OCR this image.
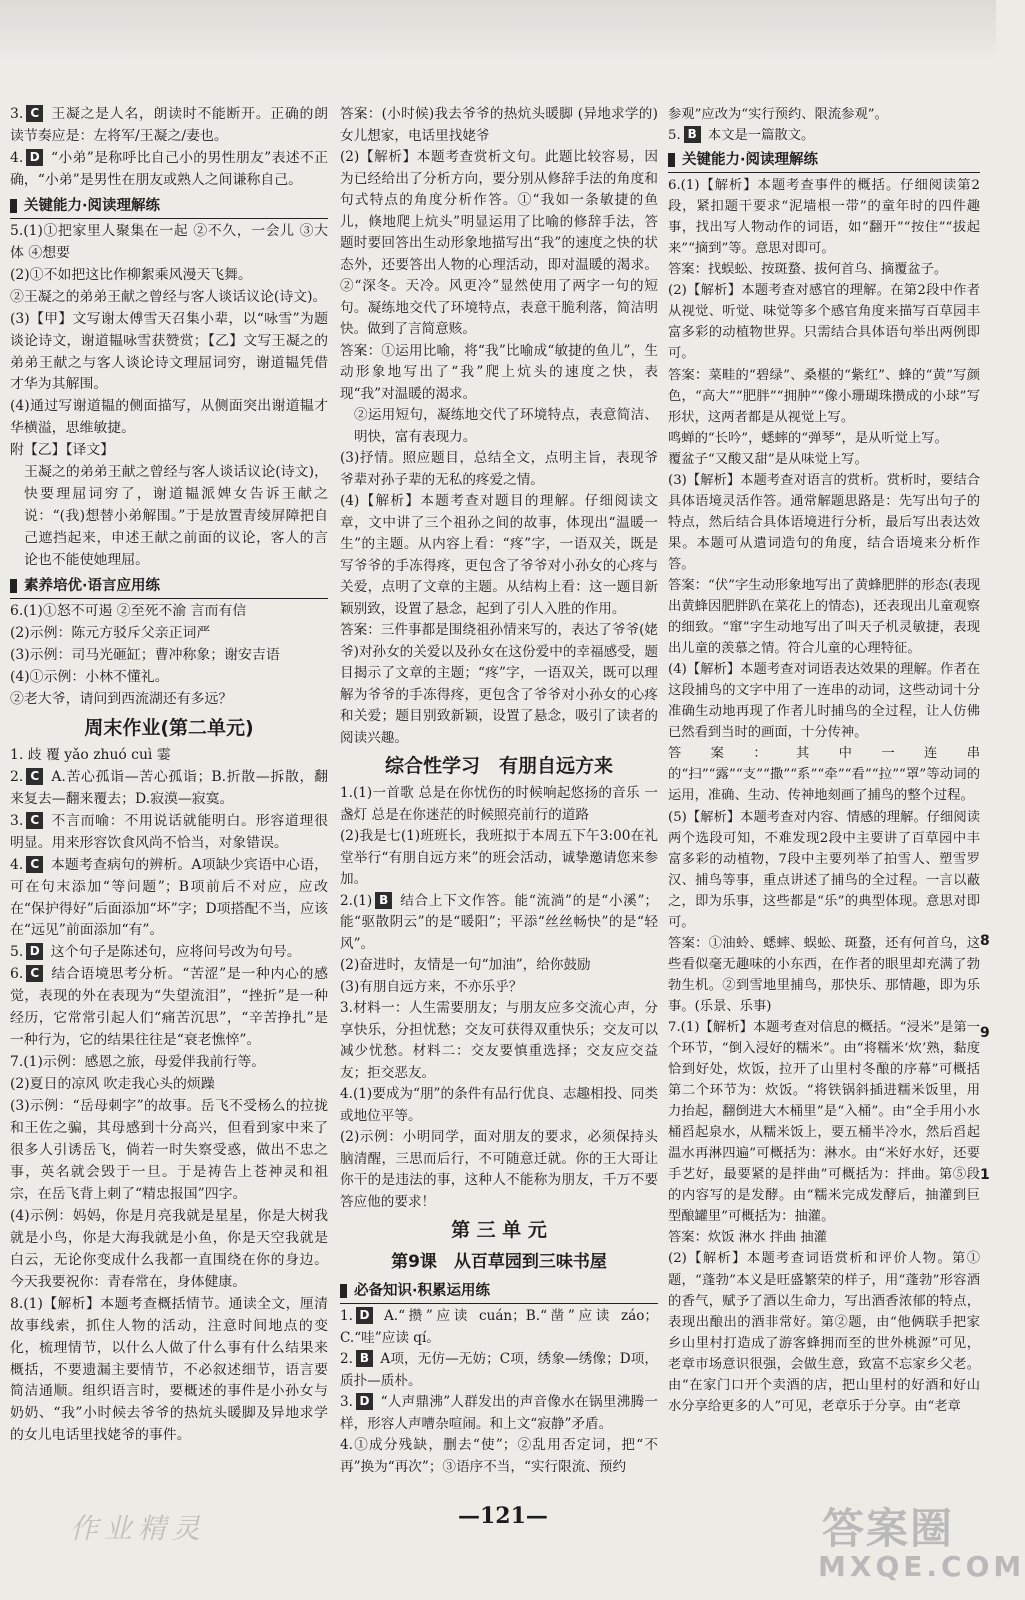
3. C 王凝之是人名，朗读时不能断开。正确的朗读节奏应是：左将军/王凝之/妻也。

4. D “小弟”是称呼比自己小的男性朋友”表述不正确，“小弟”是男性在朋友或熟人之间谦称自己。

关键能力·阅读理解练

5.(1)①把家里人聚集在一起 ②不久，一会儿 ③大体 ④想要

(2)①不如把这比作柳絮乘风漫天飞舞。

②王凝之的弟弟王献之曾经与客人谈话议论(诗文)。

(3)【甲】文写谢太傅雪天召集小辈，以“咏雪”为题谈论诗文，谢道韫咏雪获赞赏；【乙】文写王凝之的弟弟王献之与客人谈论诗文理屈词穷，谢道韫凭借才华为其解围。

(4)通过写谢道韫的侧面描写，从侧面突出谢道韫才华横溢，思维敏捷。

附【乙】【译文】

王凝之的弟弟王献之曾经与客人谈话议论(诗文)，快要理屈词穷了，谢道韫派婢女告诉王献之说：“(我)想替小弟解围。”于是放置青绫屏障把自己遮挡起来，申述王献之前面的议论，客人的言论也不能使她理屈。

素养培优·语言应用练

6.(1)①怒不可遏 ②至死不渝 言而有信

(2)示例：陈元方驳斥父亲正词严

(3)示例：司马光砸缸；曹冲称象；谢安吉语

(4)①示例：小林不懂礼。

②老大爷，请问到西流湖还有多远？

周末作业(第二单元)

1. 歧 覆 yǎo zhuó cuì 霎

2. C A.苦心孤诣—苦心孤诣；B.折散—拆散，翻来复去—翻来覆去；D.寂漠—寂寞。

3. C 不言而喻：不用说话就能明白。形容道理很明显。用来形容饮食风尚不恰当，对象错误。

4. C 本题考查病句的辨析。A项缺少宾语中心语，可在句末添加“等问题”；B项前后不对应，应改在“保护得好”后面添加“坏”字；D项搭配不当，应该在“远见”前面添加“有”。

5. D 这个句子是陈述句，应将问号改为句号。

6. C 结合语境思考分析。“苦涩”是一种内心的感觉，表现的外在表现为“失望流泪”，“挫折”是一种经历，它常常引起人们“痛苦沉思”，“辛苦挣扎”是一种行为，它的结果往往是“衰老憔悴”。

7.(1)示例：感恩之旅，母爱伴我前行等。

(2)夏日的凉风 吹走我心头的烦躁

(3)示例：“岳母刺字”的故事。岳飞不受杨么的拉拢和王佐之骗，其母感到十分高兴，但看到家中来了很多人引诱岳飞，倘若一时失察受惑，做出不忠之事，英名就会毁于一旦。于是祷告上苍神灵和祖宗，在岳飞背上刺了“精忠报国”四字。

(4)示例：妈妈，你是月亮我就是星星，你是大树我就是小鸟，你是大海我就是小鱼，你是天空我就是白云，无论你变成什么我都一直围绕在你的身边。今天我要祝你：青春常在，身体健康。

8.(1)【解析】本题考查概括情节。通读全文，厘清故事线索，抓住人物的活动，注意时间地点的变化，梳理情节，以什么人做了什么事有什么结果来概括，不要遗漏主要情节，不必叙述细节，语言要简洁通顺。组织语言时，要概述的事件是小孙女与奶奶、“我”小时候去爷爷的热炕头暖脚及异地求学的女儿电话里找姥爷的事件。

答案：(小时候)我去爷爷的热炕头暖脚 (异地求学的)女儿想家，电话里找姥爷

(2)【解析】本题考查赏析文句。此题比较容易，因为已经给出了分析方向，要分别从修辞手法的角度和句式特点的角度分析作答。①“我如一条敏捷的鱼儿，倏地爬上炕头”明显运用了比喻的修辞手法，答题时要回答出生动形象地描写出“我”的速度之快的状态外，还要答出人物的心理活动，即对温暖的渴求。②“深冬。天冷。风更冷”显然使用了两字一句的短句。凝练地交代了环境特点，表意干脆利落，简洁明快。做到了言简意赅。

答案：①运用比喻，将“我”比喻成“敏捷的鱼儿”，生动形象地写出了“我”爬上炕头的速度之快，表现“我”对温暖的渴求。

②运用短句，凝练地交代了环境特点，表意简洁、明快，富有表现力。

(3)抒情。照应题目，总结全文，点明主旨，表现爷爷辈对孙子辈的无私的疼爱之情。

(4)【解析】本题考查对题目的理解。仔细阅读文章，文中讲了三个祖孙之间的故事，体现出“温暖一生”的主题。从内容上看：“疼”字，一语双关，既是写爷爷的手冻得疼，更包含了爷爷对小孙女的心疼与关爱，点明了文章的主题。从结构上看：这一题目新颖别致，设置了悬念，起到了引人入胜的作用。

答案：三件事都是围绕祖孙情来写的，表达了爷爷(姥爷)对孙女的关爱以及孙女在这份爱中的幸福感受，题目揭示了文章的主题；“疼”字，一语双关，既可以理解为爷爷的手冻得疼，更包含了爷爷对小孙女的心疼和关爱；题目别致新颖，设置了悬念，吸引了读者的阅读兴趣。

综合性学习　有朋自远方来

1.(1)一首歌 总是在你忧伤的时候响起悠扬的音乐 一盏灯 总是在你迷茫的时候照亮前行的道路

(2)我是七(1)班班长，我班拟于本周五下午3:00在礼堂举行“有朋自远方来”的班会活动，诚挚邀请您来参加。

2.(1) B 结合上下文作答。能“流淌”的是“小溪”；能“驱散阴云”的是“暖阳”；平添“丝丝畅快”的是“轻风”。

(2)奋进时，友情是一句“加油”，给你鼓励

(3)有朋自远方来，不亦乐乎？

3.材料一：人生需要朋友；与朋友应多交流心声，分享快乐，分担忧愁；交友可获得双重快乐；交友可以减少忧愁。材料二：交友要慎重选择；交友应交益友；拒交恶友。

4.(1)要成为“朋”的条件有品行优良、志趣相投、同类或地位平等。

(2)示例：小明同学，面对朋友的要求，必须保持头脑清醒，三思而后行，不可随意迁就。你的王大哥让你干的是违法的事，这种人不能称为朋友，千万不要答应他的要求！

第 三 单 元
第9课　从百草园到三味书屋
必备知识·积累运用练

1. D A.“攒”应读 cuán；B.“凿”应读 záo；C.“哇”应读 qí。

2. B A项，无仿—无妨；C项，绣象—绣像；D项，质扑—质朴。

3. D “人声鼎沸”人群发出的声音像水在锅里沸腾一样，形容人声嘈杂喧闹。和上文“寂静”矛盾。

4.①成分残缺，删去“使”；②乱用否定词，把“不再”换为“再次”；③语序不当，“实行限流、预约

参观”应改为“实行预约、限流参观”。

5. B 本文是一篇散文。

关键能力·阅读理解练

6.(1)【解析】本题考查事件的概括。仔细阅读第2段，紧扣题干要求“泥墙根一带”的童年时的四件趣事，找出写人物动作的词语，如“翻开”“按住”“拔起来”“摘到”等。意思对即可。

答案：找蜈蚣、按斑蝥、拔何首乌、摘覆盆子。

(2)【解析】本题考查对感官的理解。在第2段中作者从视觉、听觉、味觉等多个感官角度来描写百草园丰富多彩的动植物世界。只需结合具体语句举出两例即可。

答案：菜畦的“碧绿”、桑椹的“紫红”、蜂的“黄”写颜色，“高大”“肥胖”“拥肿”“像小珊瑚珠攒成的小球”写形状，这两者都是从视觉上写。

鸣蝉的“长吟”，蟋蟀的“弹琴”，是从听觉上写。

覆盆子“又酸又甜”是从味觉上写。

(3)【解析】本题考查对语言的赏析。赏析时，要结合具体语境灵活作答。通常解题思路是：先写出句子的特点，然后结合具体语境进行分析，最后写出表达效果。本题可从遣词造句的角度，结合语境来分析作答。

答案：“伏”字生动形象地写出了黄蜂肥胖的形态(表现出黄蜂因肥胖趴在菜花上的情态)，还表现出儿童观察的细致。“窜”字生动地写出了叫天子机灵敏捷，表现出儿童的羡慕之情。符合儿童的心理特征。

(4)【解析】本题考查对词语表达效果的理解。作者在这段捕鸟的文字中用了一连串的动词，这些动词十分准确生动地再现了作者儿时捕鸟的全过程，让人仿佛已然看到当时的画面，十分传神。

答案：其中一连串的“扫”“露”“支”“撒”“系”“牵”“看”“拉”“罩”等动词的运用，准确、生动、传神地刻画了捕鸟的整个过程。

(5)【解析】本题考查对内容、情感的理解。仔细阅读两个选段可知，不难发现2段中主要讲了百草园中丰富多彩的动植物，7段中主要列举了拍雪人、塑雪罗汉、捕鸟等事，重点讲述了捕鸟的全过程。一言以蔽之，即为乐事，这些都是“乐”的典型体现。意思对即可。

答案：①油蛉、蟋蟀、蜈蚣、斑蝥，还有何首乌，这些看似毫无趣味的小东西，在作者的眼里却充满了勃勃生机。②到雪地里捕鸟，那快乐、那情趣，即为乐事。(乐景、乐事)

7.(1)【解析】本题考查对信息的概括。“浸米”是第一个环节，“倒入浸好的糯米”。由“将糯米‘炊’熟，黏度恰到好处，炊饭，拉开了山里村冬酿的序幕”可概括第二个环节为：炊饭。“将铁锅斜插进糯米饭里，用力抬起，翻倒进大木桶里”是“入桶”。由“全手用小水桶舀起泉水，从糯米饭上，要五桶半冷水，然后舀起温水再淋四遍”可概括为：淋水。由“米好水好，还要手艺好，最要紧的是拌曲”可概括为：拌曲。第⑤段的内容写的是发酵。由“糯米完成发酵后，抽灌到巨型酿罐里”可概括为：抽灌。

答案：炊饭 淋水 拌曲 抽灌

(2)【解析】本题考查词语赏析和评价人物。第①题，“蓬勃”本义是旺盛繁荣的样子，用“蓬勃”形容酒的香气，赋予了酒以生命力，写出酒香浓郁的特点，表现出酿出的酒非常好。第②题，由“他俩联手把家乡山里村打造成了游客蜂拥而至的世外桃源”可见，老章市场意识很强，会做生意，致富不忘家乡父老。由“在家门口开个卖酒的店，把山里村的好酒和好山水分享给更多的人”可见，老章乐于分享。由“老章

作业精灵	—121—	答案圈
MXQE.COM
8
9
1
